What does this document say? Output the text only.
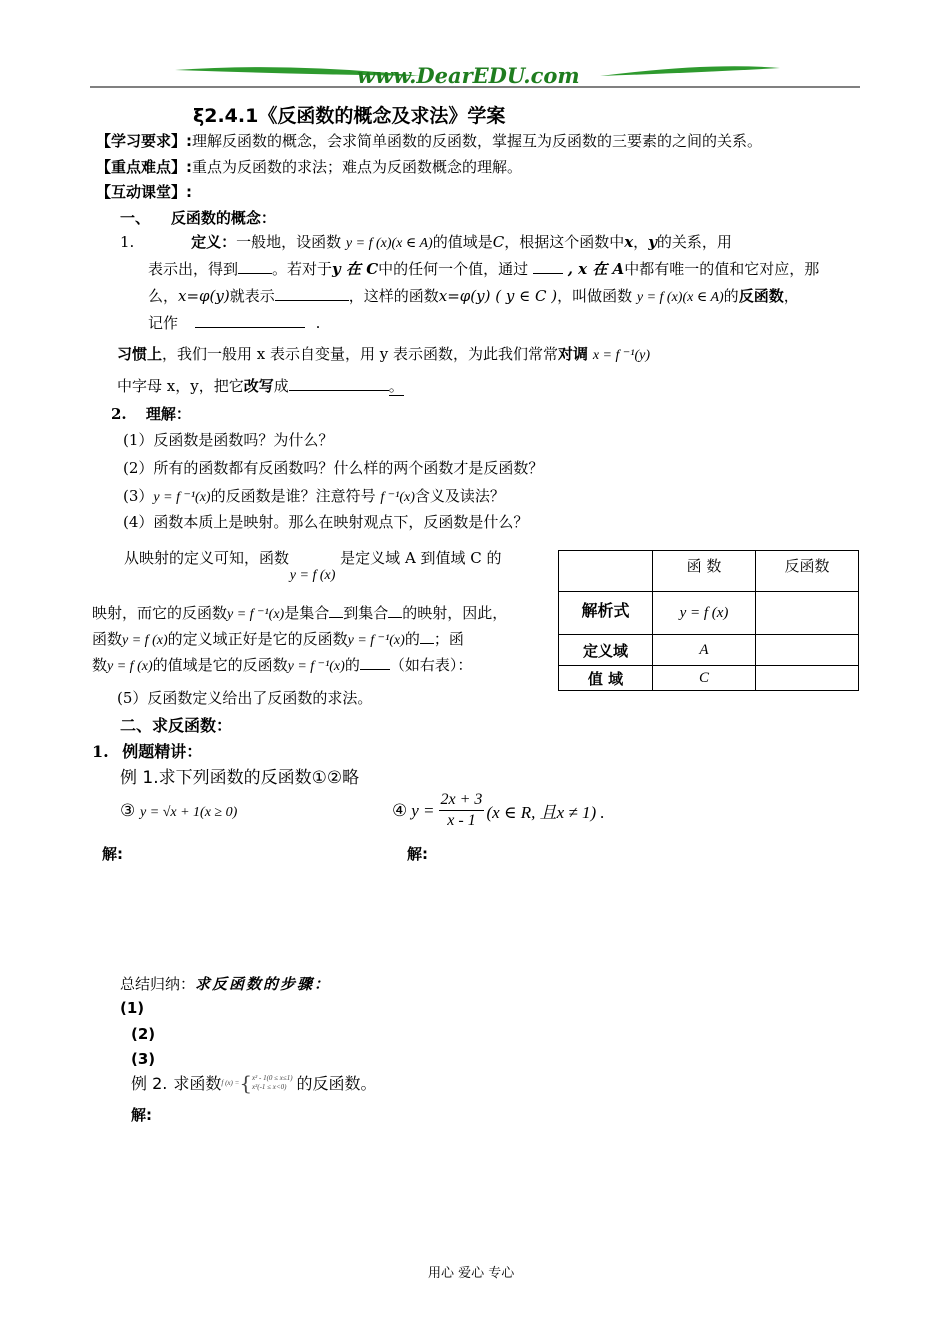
www.DearEDU.com
ξ2.4.1《反函数的概念及求法》学案
【学习要求】:理解反函数的概念，会求简单函数的反函数，掌握互为反函数的三要素的之间的关系。
【重点难点】:重点为反函数的求法；难点为反函数概念的理解。
【互动课堂】:
一、    反函数的概念：
1.	定义：一般地，设函数 y = f (x)(x ∈ A)的值域是C，根据这个函数中x，y的关系，用
表示出，得到 。若对于y 在 C中的任何一个值，通过	, x 在 A中都有唯一的值和它对应，那
么，x=φ(y)就表示	，这样的函数x=φ(y) ( y ∈ C )，叫做函数 y = f (x)(x ∈ A)的反函数，
记作	.
习惯上，我们一般用 x 表示自变量，用 y 表示函数，为此我们常常对调 x = f ⁻¹(y)
中字母 x，y，把它改写成	。
2. 理解：
(1）反函数是函数吗？为什么？
(2）所有的函数都有反函数吗？什么样的两个函数才是反函数？
(3）y = f ⁻¹(x)的反函数是谁？注意符号 f ⁻¹(x)含义及读法？
(4）函数本质上是映射。那么在映射观点下，反函数是什么？
从映射的定义可知，函数 y = f (x) 是定义域 A 到值域 C 的
映射，而它的反函数y = f ⁻¹(x)是集合 到集合 的映射，因此，
函数y = f (x)的定义域正好是它的反函数y = f ⁻¹(x)的 ；函
数y = f (x)的值域是它的反函数y = f ⁻¹(x)的 （如右表）：
	函 数	反函数
解析式	y = f (x)	
定义域	A	
值 域	C	
(5）反函数定义给出了反函数的求法。
二、求反函数：
1. 例题精讲：
例 1.求下列函数的反函数①②略
③ y = √x + 1(x ≥ 0)	④ $y = \frac{2x + 3}{x - 1} (x$ ∈ R, 且x ≠ 1) .
解:	解:
总结归纳：求反函数的步骤：
(1)
(2)
(3)
例 2. 求函数 f (x) = { x² - 1(0 ≤ x≤1)
x²(-1 ≤ x<0) 的反函数。
解:
用心 爱心 专心
